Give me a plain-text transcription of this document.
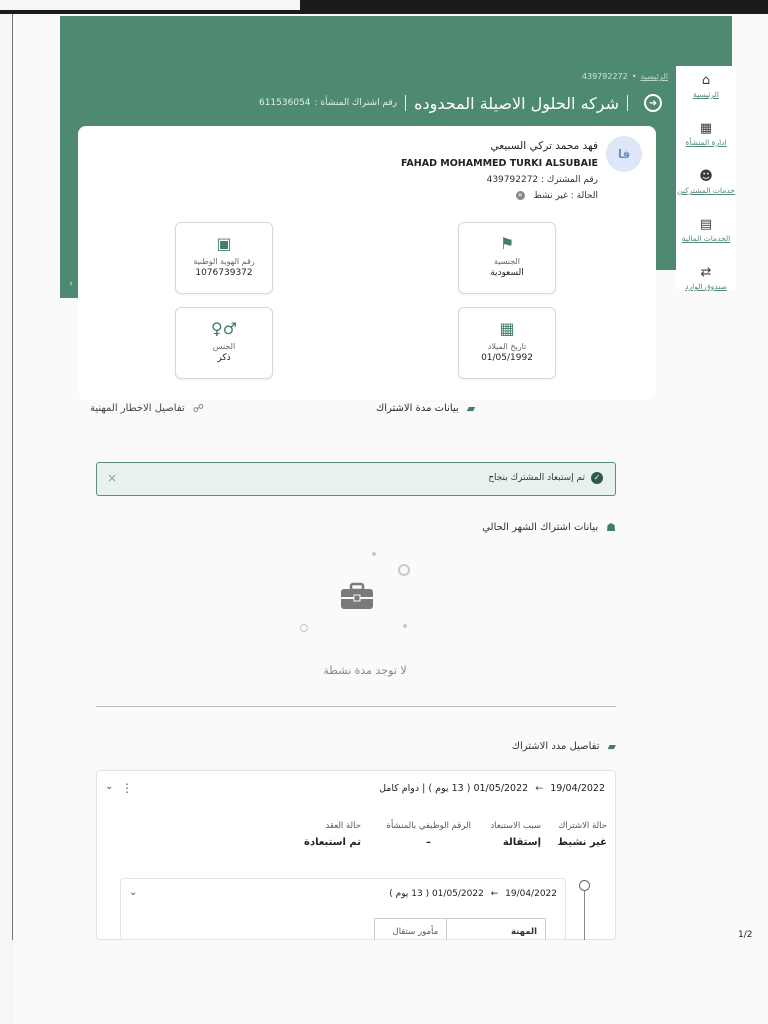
›
الرئيسية•439792272
➜
شركه الحلول الاصيلة المحدوده
رقم اشتراك المنشأة :
611536054
⌂
الرئيسية
▦
ادارة المنشأة
☻
خدمات المشتركين
▤
الخدمات المالية
⇄
صندوق الوارد
فا
فهد محمد تركي السبيعي
FAHAD MOHAMMED TURKI ALSUBAIE
رقم المشترك : 439792272
الحالة : غير نشط ✕
⚑
الجنسية
السعودية
▣
رقم الهوية الوطنية
1076739372
▦
تاريخ الميلاد
01/05/1992
♀♂
الجنس
ذكر
▰
بيانات مدة الاشتراك
☍
تفاصيل الاخطار المهنية
✓
تم إستبعاد المشترك بنجاح
×
☗
بيانات اشتراك الشهر الحالي
لا توجد مدة نشطة
▰
تفاصيل مدد الاشتراك
19/04/2022 ← 01/05/2022 ( 13 يوم ) | دوام كامل
⋮
⌄
حالة الاشتراك
غير نشيط
سبب الاستبعاد
إستقالة
الرقم الوظيفي بالمنشأة
–
حالة العقد
تم استبعادة
19/04/2022 ← 01/05/2022 ( 13 يوم )
⌄
المهنة
مأمور ستقال	1/2
